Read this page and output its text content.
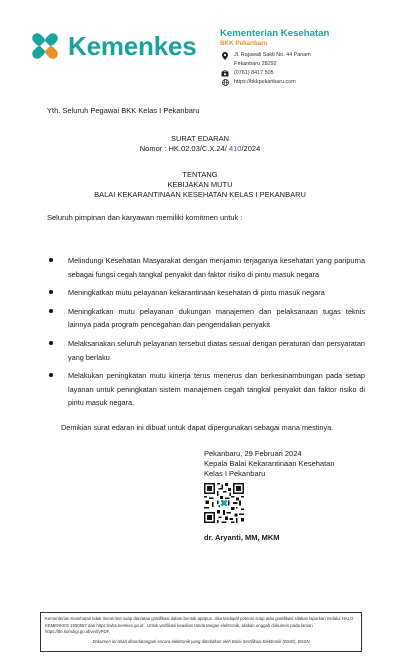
Kemenkes Kementerian Kesehatan
BKK Pekanbaru
Jl. Rajawali Sakti No. 44 Panam
Pekanbaru 28292
(0761) 8417 505
https://bkkpekanbaru.com
Yth. Seluruh Pegawai BKK Kelas I Pekanbaru
SURAT EDARAN
Nomor : HK.02.03/C.X.24/ 410/2024
TENTANG
KEBIJAKAN MUTU
BALAI KEKARANTINAAN KESEHATAN KELAS I PEKANBARU
Seluruh pimpinan dan karyawan memiliki komitmen untuk :
Melindungi Kesehatan Masyarakat dengan menjamin terjaganya kesehatan yang paripurna sebagai fungsi cegah tangkal penyakit dan faktor risiko di pintu masuk negara
Meningkatkan mutu pelayanan kekarantinaan kesehatan di pintu masuk negara
Meningkatkan mutu pelayanan dukungan manajemen dan pelaksanaan tugas teknis lainnya pada program pencegahan dan pengendalian penyakit
Melaksanakan seluruh pelayanan tersebut diatas sesuai dengan peraturan dan persyaratan yang berlaku
Melakukan peningkatan mutu kinerja terus menerus dan berkesinambungan pada setiap layanan untuk peningkatan sistem manajemen cegah tangkal penyakit dan faktor risiko di pintu masuk negara.
Demikian surat edaran ini dibuat untuk dapat dipergunakan sebagai mana mestinya.
Pekanbaru, 29 Februari 2024
Kepala Balai Kekarantinaan Kesehatan
Kelas I Pekanbaru
dr. Aryanti, MM, MKM

Kementerian Kesehatan tidak menerima suap dan/atau gratifikasi dalam bentuk apapun. Jika terdapat potensi suap atau gratifikasi silakan laporkan melalui HALO KEMENKES 1500567 dan https://wbs.kemkes.go.id . Untuk verifikasi keaslian tanda tangan elektronik, silakan unggah dokumen pada laman https://tte.komdigi.go.id/verifyPDF.

Dokumen ini telah ditandatangani secara elektronik yang diterbitkan oleh Balai Sertifikasi Elektronik (BSrE), BSSN
